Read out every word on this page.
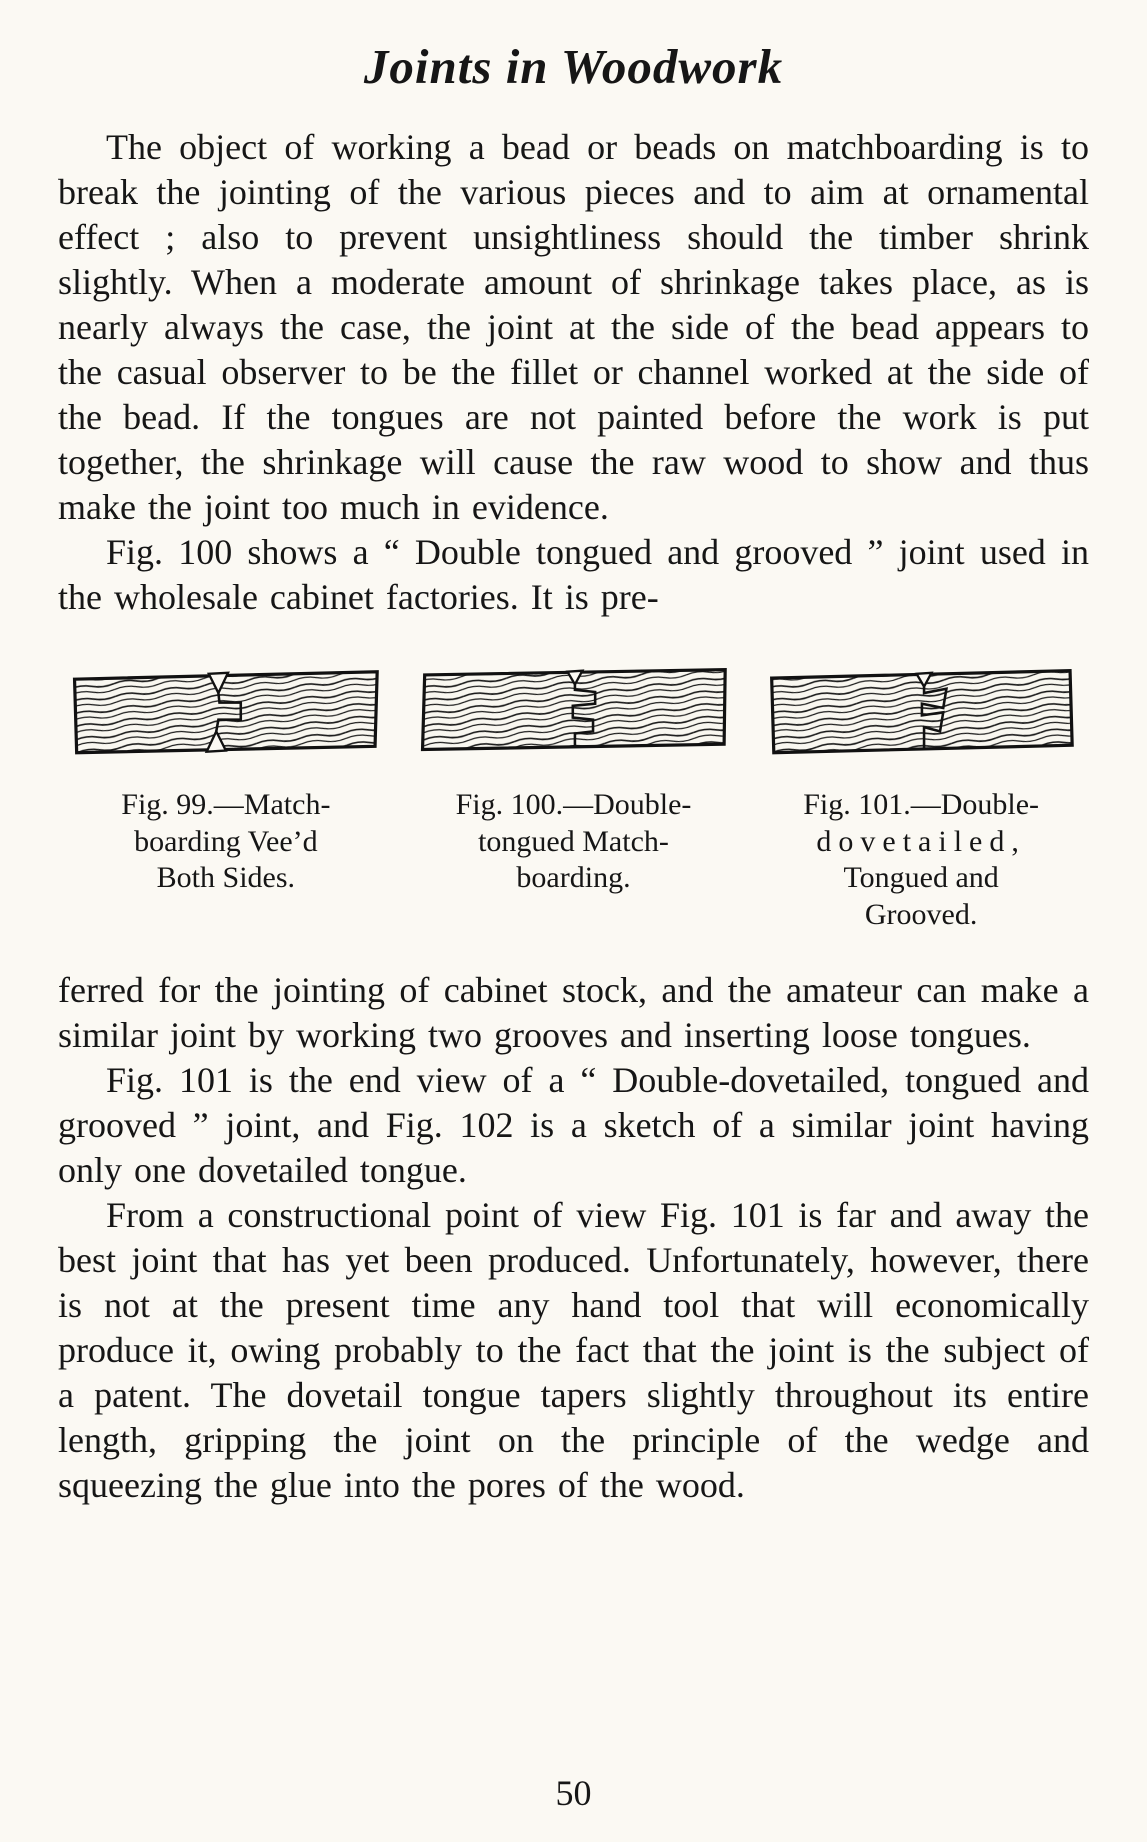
Joints in Woodwork

The object of working a bead or beads on matchboarding is to break the jointing of the various pieces and to aim at ornamental effect ; also to prevent unsightliness should the timber shrink slightly. When a moderate amount of shrinkage takes place, as is nearly always the case, the joint at the side of the bead appears to the casual observer to be the fillet or channel worked at the side of the bead. If the tongues are not painted before the work is put together, the shrinkage will cause the raw wood to show and thus make the joint too much in evidence.

Fig. 100 shows a “ Double tongued and grooved ” joint used in the wholesale cabinet factories. It is pre-

Fig. 99.—Match-
boarding Vee’d
Both Sides.
Fig. 100.—Double-
tongued Match-
boarding.
Fig. 101.—Double-
dovetailed,
Tongued and
Grooved.

ferred for the jointing of cabinet stock, and the amateur can make a similar joint by working two grooves and inserting loose tongues.

Fig. 101 is the end view of a “ Double-dovetailed, tongued and grooved ” joint, and Fig. 102 is a sketch of a similar joint having only one dovetailed tongue.

From a constructional point of view Fig. 101 is far and away the best joint that has yet been produced. Unfortunately, however, there is not at the present time any hand tool that will economically produce it, owing probably to the fact that the joint is the subject of a patent. The dovetail tongue tapers slightly throughout its entire length, gripping the joint on the principle of the wedge and squeezing the glue into the pores of the wood.

50
